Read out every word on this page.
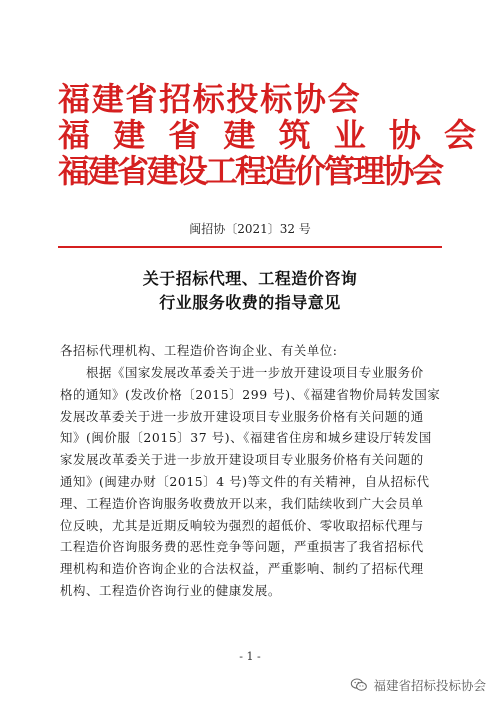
福建省招标投标协会
福 建 省 建 筑 业 协 会
福建省建设工程造价管理协会
闽招协〔2021〕32 号
关于招标代理、工程造价咨询
行业服务收费的指导意见
各招标代理机构、工程造价咨询企业、有关单位:
　　根据《国家发展改革委关于进一步放开建设项目专业服务价
格的通知》(发改价格〔2015〕299 号)、《福建省物价局转发国家
发展改革委关于进一步放开建设项目专业服务价格有关问题的通
知》(闽价服〔2015〕37 号)、《福建省住房和城乡建设厅转发国
家发展改革委关于进一步放开建设项目专业服务价格有关问题的
通知》(闽建办财〔2015〕4 号)等文件的有关精神，自从招标代
理、工程造价咨询服务收费放开以来，我们陆续收到广大会员单
位反映，尤其是近期反响较为强烈的超低价、零收取招标代理与
工程造价咨询服务费的恶性竞争等问题，严重损害了我省招标代
理机构和造价咨询企业的合法权益，严重影响、制约了招标代理
机构、工程造价咨询行业的健康发展。
- 1 -
福建省招标投标协会
